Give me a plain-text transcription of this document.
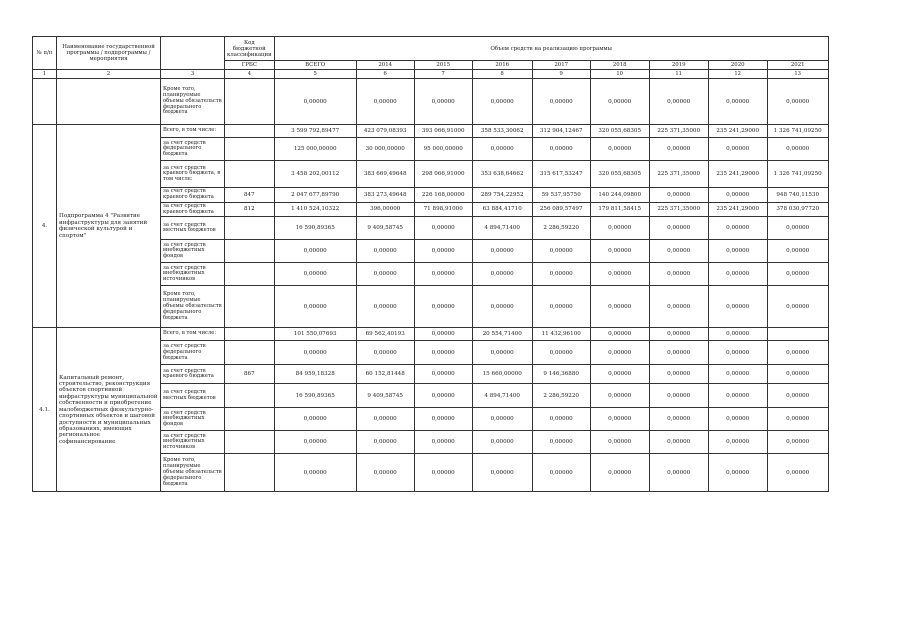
№ п/п	Наименование государственной программы / подпрограммы / мероприятия		Код бюджетной классификации	Объем средств на реализацию программы								
			ГРБС	ВСЕГО	2014	2015	2016	2017	2018	2019	2020	2021
1	2	3	4	5	6	7	8	9	10	11	12	13
		Кроме того, планируемые объемы обязательств федерального бюджета		0,00000	0,00000	0,00000	0,00000	0,00000	0,00000	0,00000	0,00000	0,00000
4.	Подпрограмма 4 "Развитие инфраструктуры для занятий физической культурой и спортом"	Всего, в том числе:		3 599 792,89477	423 079,08393	393 066,91000	358 533,30062	312 904,12467	320 055,68305	225 371,35000	235 241,29000	1 326 741,09250
		за счет средств федерального бюджета		125 000,00000	30 000,00000	95 000,00000	0,00000	0,00000	0,00000	0,00000	0,00000	0,00000
		за счет средств краевого бюджета, в том числе:		3 458 202,00112	383 669,49648	298 066,91000	353 638,64662	315 617,53247	320 055,68305	225 371,35000	235 241,29000	1 326 741,09250
		за счет средств краевого бюджета	847	2 047 677,89790	383 273,49648	226 168,00000	289 754,22952	59 537,95750	140 244,09800	0,00000	0,00000	948 740,11530
		за счет средств краевого бюджета	812	1 410 524,10322	396,00000	71 898,91000	63 884,41710	256 089,57497	179 811,58415	225 371,35000	235 241,29000	378 030,97720
		за счет средств местных бюджетов		16 590,89365	9 409,58745	0,00000	4 894,71400	2 286,59220	0,00000	0,00000	0,00000	0,00000
		за счет средств внебюджетных фондов		0,00000	0,00000	0,00000	0,00000	0,00000	0,00000	0,00000	0,00000	0,00000
		за счет средств внебюджетных источников		0,00000	0,00000	0,00000	0,00000	0,00000	0,00000	0,00000	0,00000	0,00000
		Кроме того, планируемые объемы обязательств федерального бюджета		0,00000	0,00000	0,00000	0,00000	0,00000	0,00000	0,00000	0,00000	0,00000
4.1.	Капитальный ремонт, строительство, реконструкция объектов спортивной инфраструктуры муниципальной собственности и приобретение малобюджетных физкультурно-спортивных объектов и шаговой доступности и муниципальных образованиях, имеющих региональное софинансирование	Всего, в том числе:		101 550,07693	69 562,40193	0,00000	20 554,71400	11 432,96100	0,00000	0,00000	0,00000	
		за счет средств федерального бюджета		0,00000	0,00000	0,00000	0,00000	0,00000	0,00000	0,00000	0,00000	0,00000
		за счет средств краевого бюджета	867	84 959,18328	60 152,81448	0,00000	15 660,00000	9 146,36880	0,00000	0,00000	0,00000	0,00000
		за счет средств местных бюджетов		16 590,89365	9 409,58745	0,00000	4 894,71400	2 286,59220	0,00000	0,00000	0,00000	0,00000
		за счет средств внебюджетных фондов		0,00000	0,00000	0,00000	0,00000	0,00000	0,00000	0,00000	0,00000	0,00000
		за счет средств внебюджетных источников		0,00000	0,00000	0,00000	0,00000	0,00000	0,00000	0,00000	0,00000	0,00000
		Кроме того, планируемые объемы обязательств федерального бюджета		0,00000	0,00000	0,00000	0,00000	0,00000	0,00000	0,00000	0,00000	0,00000
